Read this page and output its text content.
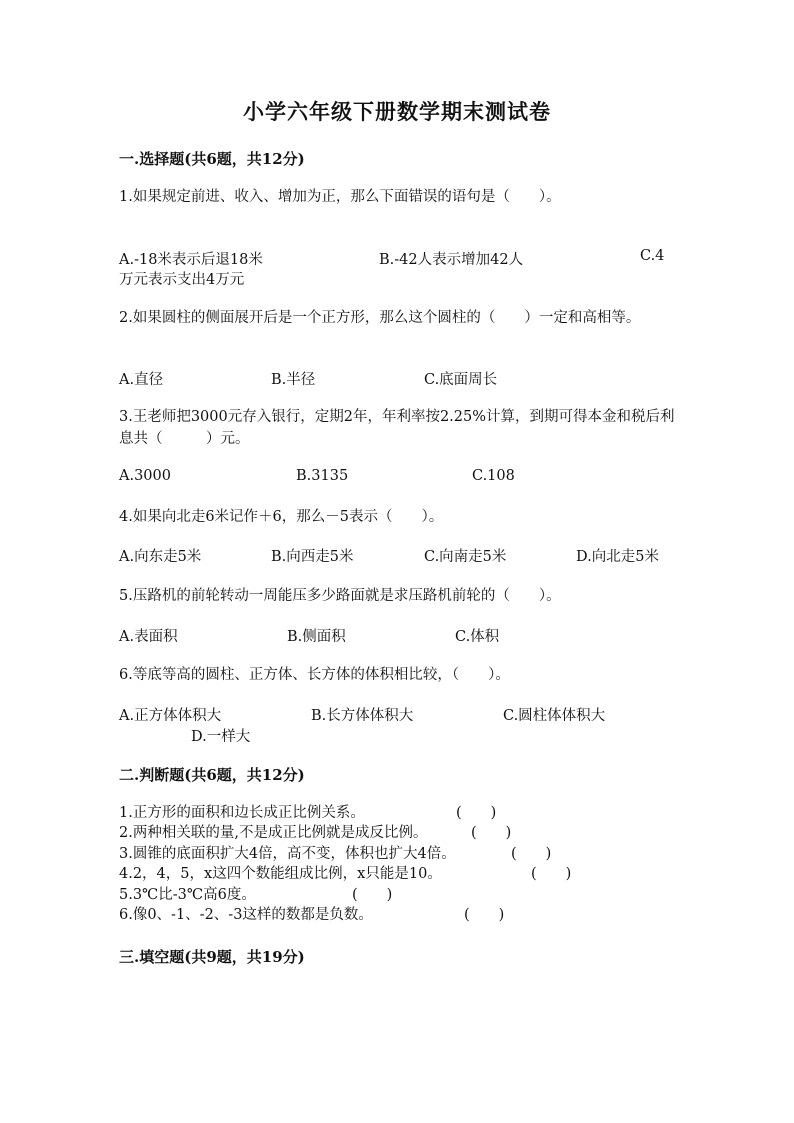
小学六年级下册数学期末测试卷
一.选择题(共6题，共12分)
1.如果规定前进、收入、增加为正，那么下面错误的语句是（　　）。
A.-18米表示后退18米	B.-42人表示增加42人	C.4
万元表示支出4万元
2.如果圆柱的侧面展开后是一个正方形，那么这个圆柱的（　　）一定和高相等。
A.直径	B.半径	C.底面周长
3.王老师把3000元存入银行，定期2年，年利率按2.25%计算，到期可得本金和税后利息共（　　　）元。
A.3000	B.3135	C.108
4.如果向北走6米记作＋6，那么－5表示（　　）。
A.向东走5米	B.向西走5米	C.向南走5米	D.向北走5米
5.压路机的前轮转动一周能压多少路面就是求压路机前轮的（　　）。
A.表面积	B.侧面积	C.体积
6.等底等高的圆柱、正方体、长方体的体积相比较，（　　）。
A.正方体体积大	B.长方体体积大	C.圆柱体体积大
D.一样大
二.判断题(共6题，共12分)
1.正方形的面积和边长成正比例关系。	(　　)
2.两种相关联的量,不是成正比例就是成反比例。	(　　)
3.圆锥的底面积扩大4倍，高不变，体积也扩大4倍。	(　　)
4.2，4，5，x这四个数能组成比例，x只能是10。	(　　)
5.3℃比-3℃高6度。	(　　)
6.像0、-1、-2、-3这样的数都是负数。	(　　)
三.填空题(共9题，共19分)
